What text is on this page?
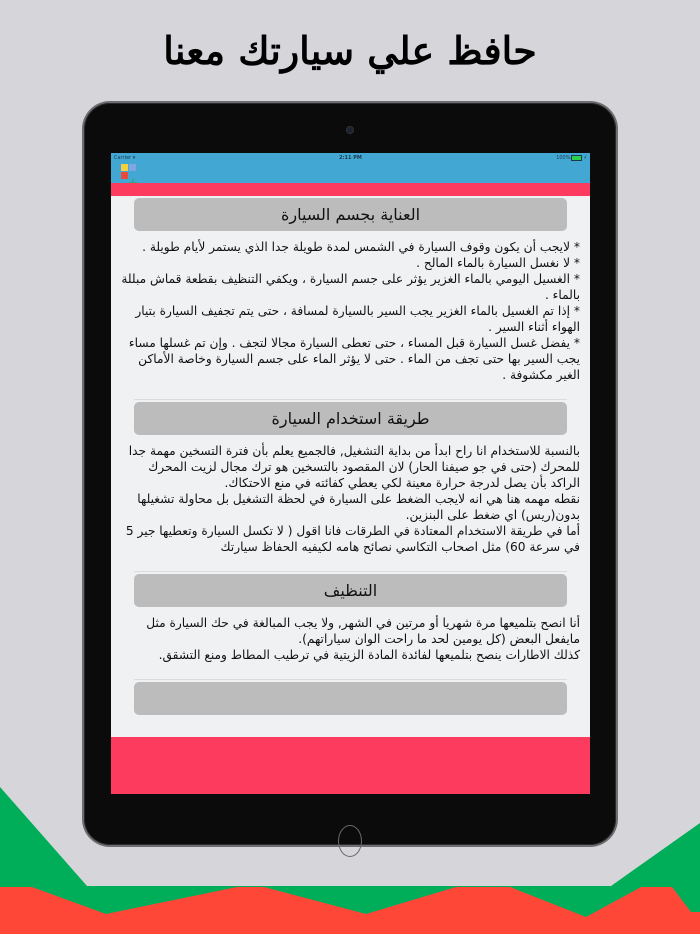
حافظ علي سيارتك معنا
Carrier ▾	2:11 PM	100%	⚡
العناية بجسم السيارة

* لايجب أن يكون وقوف السيارة في الشمس لمدة طويلة جدا الذي يستمر لأيام طويلة .

* لا نغسل السيارة بالماء المالح .

* الغسيل اليومي بالماء الغزير يؤثر على جسم السيارة ، ويكفي التنظيف بقطعة قماش مبللة بالماء .

* إذا تم الغسيل بالماء الغزير يجب السير بالسيارة لمسافة ، حتى يتم تجفيف السيارة بتيار الهواء أثناء السير .

* يفضل غسل السيارة قبل المساء ، حتى تعطى السيارة مجالا لتجف . وإن تم غسلها مساء يجب السير بها حتى تجف من الماء . حتى لا يؤثر الماء على جسم السيارة وخاصة الأماكن الغير مكشوفة .

طريقة استخدام السيارة

بالنسبة للاستخدام انا راح ابدأ من بداية التشغيل, فالجميع يعلم بأن فترة التسخين مهمة جدا للمحرك (حتى في جو صيفنا الحار) لان المقصود بالتسخين هو ترك مجال لزيت المحرك الراكد بأن يصل لدرجة حرارة معينة لكي يعطي كفائته في منع الاحتكاك.

نقطه مهمه هنا هي انه لايجب الضغط على السيارة في لحظة التشغيل بل محاولة تشغيلها بدون(ريس) اي ضغط على البنزين.

أما في طريقة الاستخدام المعتادة في الطرقات فانا اقول ( لا تكسل السيارة وتعطيها جير 5 في سرعة 60) مثل اصحاب التكاسي نصائح هامه لكيفيه الحفاظ سيارتك

التنظيف

أنا انصح بتلميعها مرة شهريا أو مرتين في الشهر, ولا يجب المبالغة في حك السيارة مثل مايفعل البعض (كل يومين لحد ما راحت الوان سياراتهم).

كذلك الاطارات ينصح بتلميعها لفائدة المادة الزيتية في ترطيب المطاط ومنع التشقق.
